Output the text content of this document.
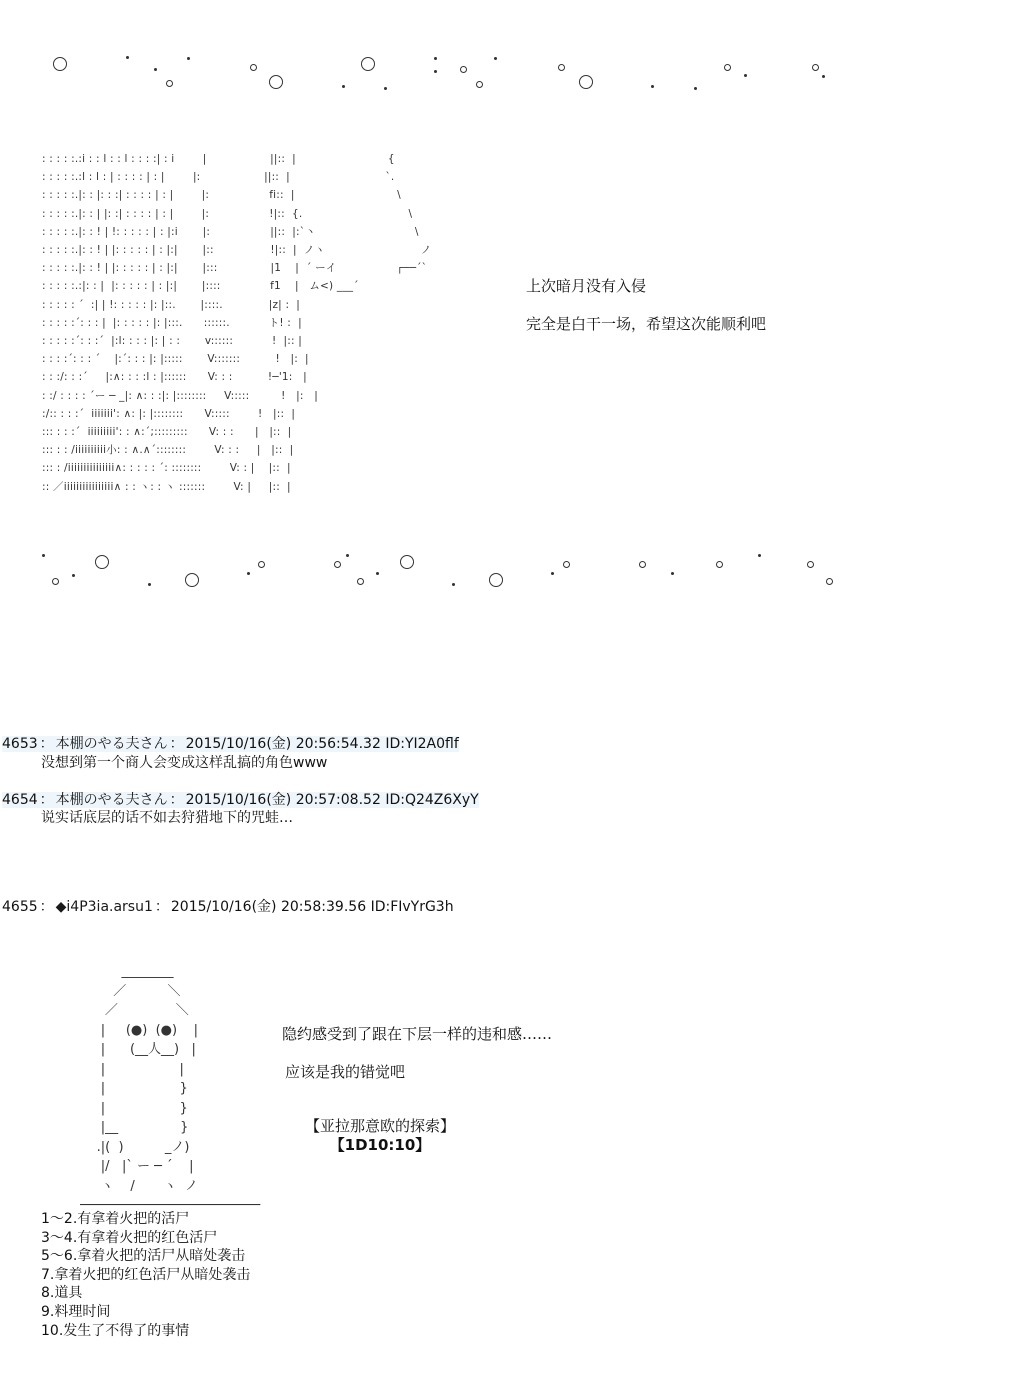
: : : : :.:i : : l : : l : : : :| : i        |                  ||::  |                          {
: : : : :.:l : l : | : : : : | : |        |:                  ||::  |                           `.
: : : : :.|: : |: : :| : : : : | : |        |:                 fi::  |                             \
: : : : :.|: : | |: :| : : : : | : |        |:                 !|::  {.                              \
: : : : :.|: : ! | !: : : : : | : |:i       |:                 ||::  |:`丶                            \
: : : : :.|: : ! | |: : : : : | : |:|       |::                !|::  |  ノヽ                           ノ
: : : : :.|: : ! | |: : : : : | : |:|       |:::               |1    |  ´ ーイ                 ┌──´`
: : : : :.:|: : |  |: : : : : | : |:|       |::::              f1    |   ム<) ___´
: : : : : ´  :| | !: : : : : |: |::.       |::::.             |z| :  |
: : : : :´: : : |  |: : : : : |: |:::.      ::::::.           ト! :  |
: : : : :´: : :´  |:l: : : : |: | : :       v::::::           !  |:: |
: : : :´: : : ´    |:´: : : |: |:::::       V:::::::          !   |:  |
: : :/: : :´     |:∧: : : :l : |::::::      V: : :          !─'1:   |
: :/ : : : : ´ー ─ _|: ∧: : :|: |::::::::     V:::::         !   |:   |
:/:: : : :´  iiiiiii': ∧: |: |::::::::      V:::::        !   |::  |
::: : : :´  iiiiiiiii': : ∧:´;:::::::::      V: : :      |   |::  |
::: : : /iiiiiiiiii小: : ∧.∧´::::::::        V: : :     |   |::  |
::: : /iiiiiiiiiiiiiii∧: : : : : ´: ::::::::        V: : |    |::  |
:: ／iiiiiiiiiiiiiiii∧ : : ヽ: : ヽ :::::::        V: |     |::  |
上次暗月没有入侵
完全是白干一场，希望这次能顺利吧
4653 ： 本棚のやる夫さん ： 2015/10/16(金) 20:56:54.32 ID:YI2A0flf
没想到第一个商人会变成这样乱搞的角色www
4654 ： 本棚のやる夫さん ： 2015/10/16(金) 20:57:08.52 ID:Q24Z6XyY
说实话底层的话不如去狩猎地下的咒蛙…
4655 ： ◆i4P3ia.arsu1 ： 2015/10/16(金) 20:58:39.56 ID:FIvYrG3h
________
／          ＼
／              ＼
|     (●)  (●)    |
|      (__人__)   |
|                  |
|                  }
|                  }
|__               }
.|(  )          _ノ)
|/   |` ー ─ ´    |
ヽ    /       ヽ  ノ
───────────────────────
隐约感受到了跟在下层一样的违和感……
应该是我的错觉吧
【亚拉那意欧的探索】
【1D10:10】
1～2.有拿着火把的活尸
3～4.有拿着火把的红色活尸
5～6.拿着火把的活尸从暗处袭击
7.拿着火把的红色活尸从暗处袭击
8.道具
9.料理时间
10.发生了不得了的事情
